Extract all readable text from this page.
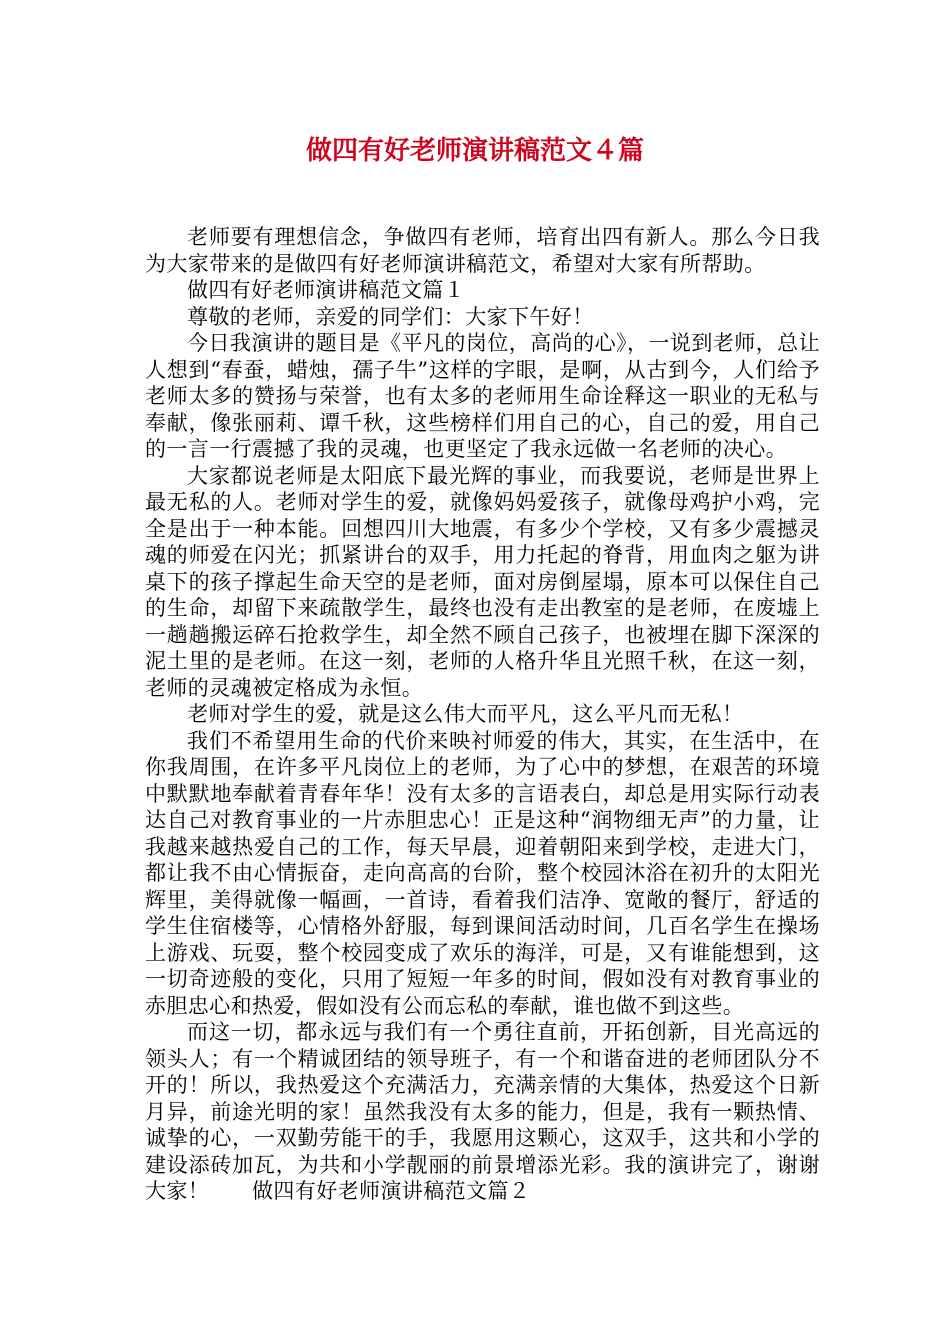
做四有好老师演讲稿范文４篇

老师要有理想信念，争做四有老师，培育出四有新人。那么今日我为大家带来的是做四有好老师演讲稿范文，希望对大家有所帮助。

做四有好老师演讲稿范文篇１

尊敬的老师，亲爱的同学们：大家下午好！

今日我演讲的题目是《平凡的岗位，高尚的心》，一说到老师，总让人想到“春蚕，蜡烛，孺子牛”这样的字眼，是啊，从古到今，人们给予老师太多的赞扬与荣誉，也有太多的老师用生命诠释这一职业的无私与奉献，像张丽莉、谭千秋，这些榜样们用自己的心，自己的爱，用自己的一言一行震撼了我的灵魂，也更坚定了我永远做一名老师的决心。

大家都说老师是太阳底下最光辉的事业，而我要说，老师是世界上最无私的人。老师对学生的爱，就像妈妈爱孩子，就像母鸡护小鸡，完全是出于一种本能。回想四川大地震，有多少个学校，又有多少震撼灵魂的师爱在闪光；抓紧讲台的双手，用力托起的脊背，用血肉之躯为讲桌下的孩子撑起生命天空的是老师，面对房倒屋塌，原本可以保住自己的生命，却留下来疏散学生，最终也没有走出教室的是老师，在废墟上一趟趟搬运碎石抢救学生，却全然不顾自己孩子，也被埋在脚下深深的泥土里的是老师。在这一刻，老师的人格升华且光照千秋，在这一刻，老师的灵魂被定格成为永恒。

老师对学生的爱，就是这么伟大而平凡，这么平凡而无私！

我们不希望用生命的代价来映衬师爱的伟大，其实，在生活中，在你我周围，在许多平凡岗位上的老师，为了心中的梦想，在艰苦的环境中默默地奉献着青春年华！没有太多的言语表白，却总是用实际行动表达自己对教育事业的一片赤胆忠心！正是这种“润物细无声”的力量，让我越来越热爱自己的工作，每天早晨，迎着朝阳来到学校，走进大门，都让我不由心情振奋，走向高高的台阶，整个校园沐浴在初升的太阳光辉里，美得就像一幅画，一首诗，看着我们洁净、宽敞的餐厅，舒适的学生住宿楼等，心情格外舒服，每到课间活动时间，几百名学生在操场上游戏、玩耍，整个校园变成了欢乐的海洋，可是，又有谁能想到，这一切奇迹般的变化，只用了短短一年多的时间，假如没有对教育事业的赤胆忠心和热爱，假如没有公而忘私的奉献，谁也做不到这些。

而这一切，都永远与我们有一个勇往直前，开拓创新，目光高远的领头人；有一个精诚团结的领导班子，有一个和谐奋进的老师团队分不开的！所以，我热爱这个充满活力，充满亲情的大集体，热爱这个日新月异，前途光明的家！虽然我没有太多的能力，但是，我有一颗热情、诚挚的心，一双勤劳能干的手，我愿用这颗心，这双手，这共和小学的建设添砖加瓦，为共和小学靓丽的前景增添光彩。我的演讲完了，谢谢大家！　　做四有好老师演讲稿范文篇２
